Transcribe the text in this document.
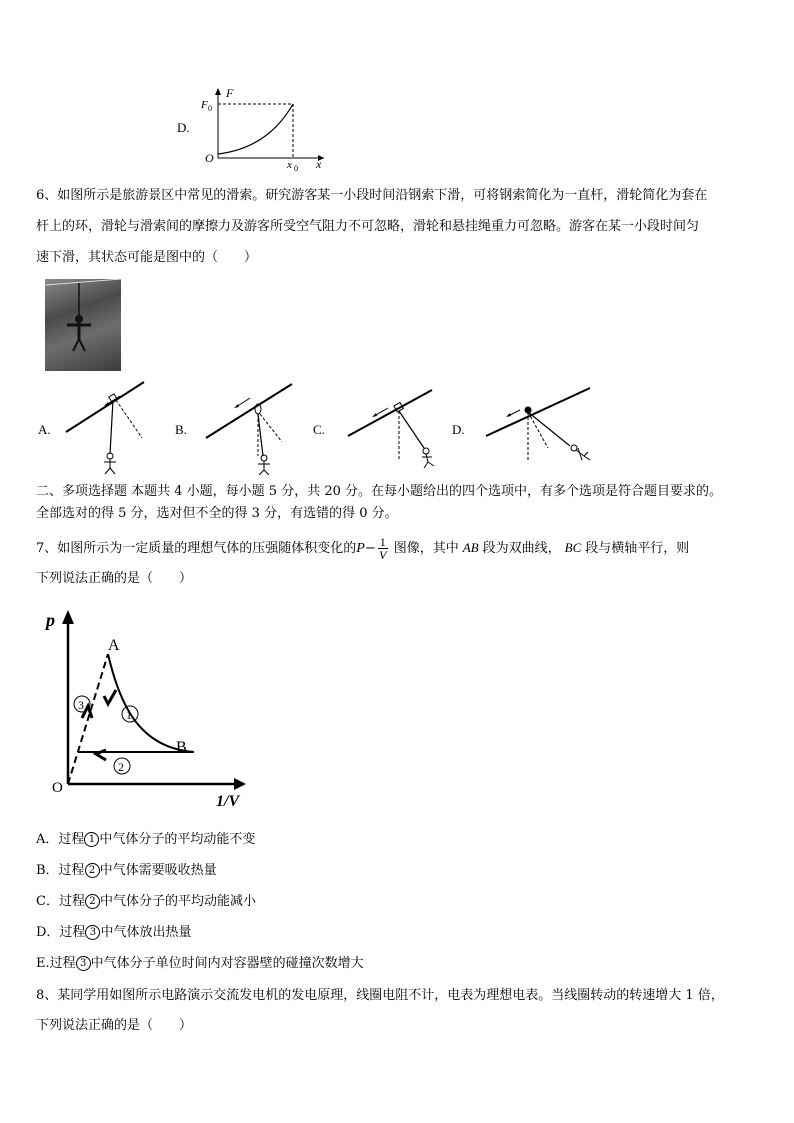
D.
F
x
F 0
x 0
O
6、如图所示是旅游景区中常见的滑索。研究游客某一小段时间沿钢索下滑，可将钢索简化为一直杆，滑轮简化为套在
杆上的环，滑轮与滑索间的摩擦力及游客所受空气阻力不可忽略，滑轮和悬挂绳重力可忽略。游客在某一小段时间匀
速下滑，其状态可能是图中的（　　）
A.	B.	C.	D.
二、多项选择题 本题共 4 小题，每小题 5 分，共 20 分。在每小题给出的四个选项中，有多个选项是符合题目要求的。
全部选对的得 5 分，选对但不全的得 3 分，有选错的得 0 分。
7、如图所示为一定质量的理想气体的压强随体积变化的$P- \frac{1}{V}$ 图像，其中 AB 段为双曲线， BC 段与横轴平行，则
下列说法正确的是（　　）
p
1/V
O
A
B
3
1
2
A．过程 1 中气体分子的平均动能不变
B．过程 2 中气体需要吸收热量
C．过程 2 中气体分子的平均动能减小
D．过程 3 中气体放出热量
E.过程 3 中气体分子单位时间内对容器壁的碰撞次数增大
8、某同学用如图所示电路演示交流发电机的发电原理，线圈电阻不计，电表为理想电表。当线圈转动的转速增大 1 倍，
下列说法正确的是（　　）
